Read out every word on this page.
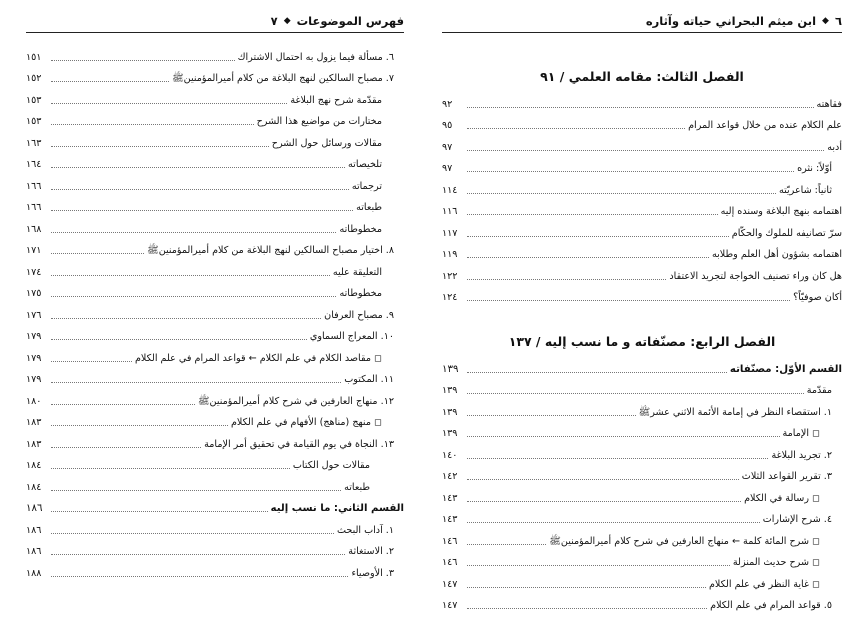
٦
◆
ابن ميثم البحراني حياته وآثاره
الفصل الثالث: مقامه العلمي / ٩١
فقاهته
٩٢
علم الكلام عنده من خلال قواعد المرام
٩٥
أدبه
٩٧
أوّلاً: نثره
٩٧
ثانياً: شاعريّته
١١٤
اهتمامه بنهج البلاغة وسنده إليه
١١٦
سرّ تصانيفه للملوك والحكّام
١١٧
اهتمامه بشؤون أهل العلم وطلابه
١١٩
هل كان وراء تصنيف الخواجة لتجريد الاعتقاد
١٢٢
أكان صوفيّاً؟
١٢٤
الفصل الرابع: مصنّفاته و ما نسب إليه / ١٣٧
القسم الأوّل: مصنّفاته
١٣٩
مقدّمة
١٣٩
١. استقصاء النظر في إمامة الأئمة الاثني عشرﷺ
١٣٩
◻ الإمامة
١٣٩
٢. تجريد البلاغة
١٤٠
٣. تقرير القواعد الثلاث
١٤٢
◻ رسالة في الكلام
١٤٣
٤. شرح الإشارات
١٤٣
◻ شرح المائة كلمة ← منهاج العارفين في شرح كلام أميرالمؤمنينﷺ
١٤٦
◻ شرح حديث المنزلة
١٤٦
◻ غاية النظر في علم الكلام
١٤٧
٥. قواعد المرام في علم الكلام
١٤٧
فهرس الموضوعات
◆
٧
٦. مسألة فيما يزول به احتمال الاشتراك
١٥١
٧. مصباح السالكين لنهج البلاغة من كلام أميرالمؤمنينﷺ
١٥٢
مقدّمة شرح نهج البلاغة
١٥٣
مختارات من مواضيع هذا الشرح
١٥٣
مقالات ورسائل حول الشرح
١٦٣
تلخيصاته
١٦٤
ترجماته
١٦٦
طبعاته
١٦٦
مخطوطاته
١٦٨
٨. اختيار مصباح السالكين لنهج البلاغة من كلام أميرالمؤمنينﷺ
١٧١
التعليقة عليه
١٧٤
مخطوطاته
١٧٥
٩. مصباح العرفان
١٧٦
١٠. المعراج السماوي
١٧٩
◻ مقاصد الكلام في علم الكلام ← قواعد المرام في علم الكلام
١٧٩
١١. المكتوب
١٧٩
١٢. منهاج العارفين في شرح كلام أميرالمؤمنينﷺ
١٨٠
◻ منهج (مناهج) الأفهام في علم الكلام
١٨٣
١٣. النجاة في يوم القيامة في تحقيق أمر الإمامة
١٨٣
مقالات حول الكتاب
١٨٤
طبعاته
١٨٤
القسم الثاني: ما نسب إليه
١٨٦
١. آداب البحث
١٨٦
٢. الاستغاثة
١٨٦
٣. الأوصياء
١٨٨
